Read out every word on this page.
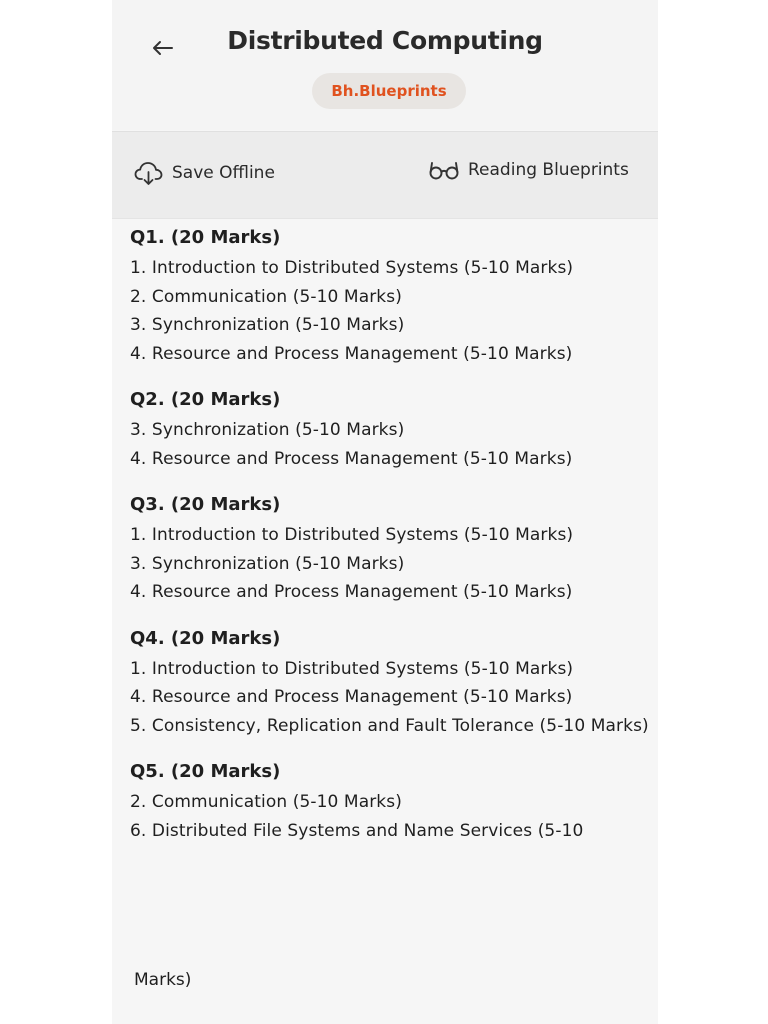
Distributed Computing
Bh.Blueprints
Save Offline	Reading Blueprints
Q1. (20 Marks)
1. Introduction to Distributed Systems (5-10 Marks)
2. Communication (5-10 Marks)
3. Synchronization (5-10 Marks)
4. Resource and Process Management (5-10 Marks)
Q2. (20 Marks)
3. Synchronization (5-10 Marks)
4. Resource and Process Management (5-10 Marks)
Q3. (20 Marks)
1. Introduction to Distributed Systems (5-10 Marks)
3. Synchronization (5-10 Marks)
4. Resource and Process Management (5-10 Marks)
Q4. (20 Marks)
1. Introduction to Distributed Systems (5-10 Marks)
4. Resource and Process Management (5-10 Marks)
5. Consistency, Replication and Fault Tolerance (5-10 Marks)
Q5. (20 Marks)
2. Communication (5-10 Marks)
6. Distributed File Systems and Name Services (5-10
Marks)
